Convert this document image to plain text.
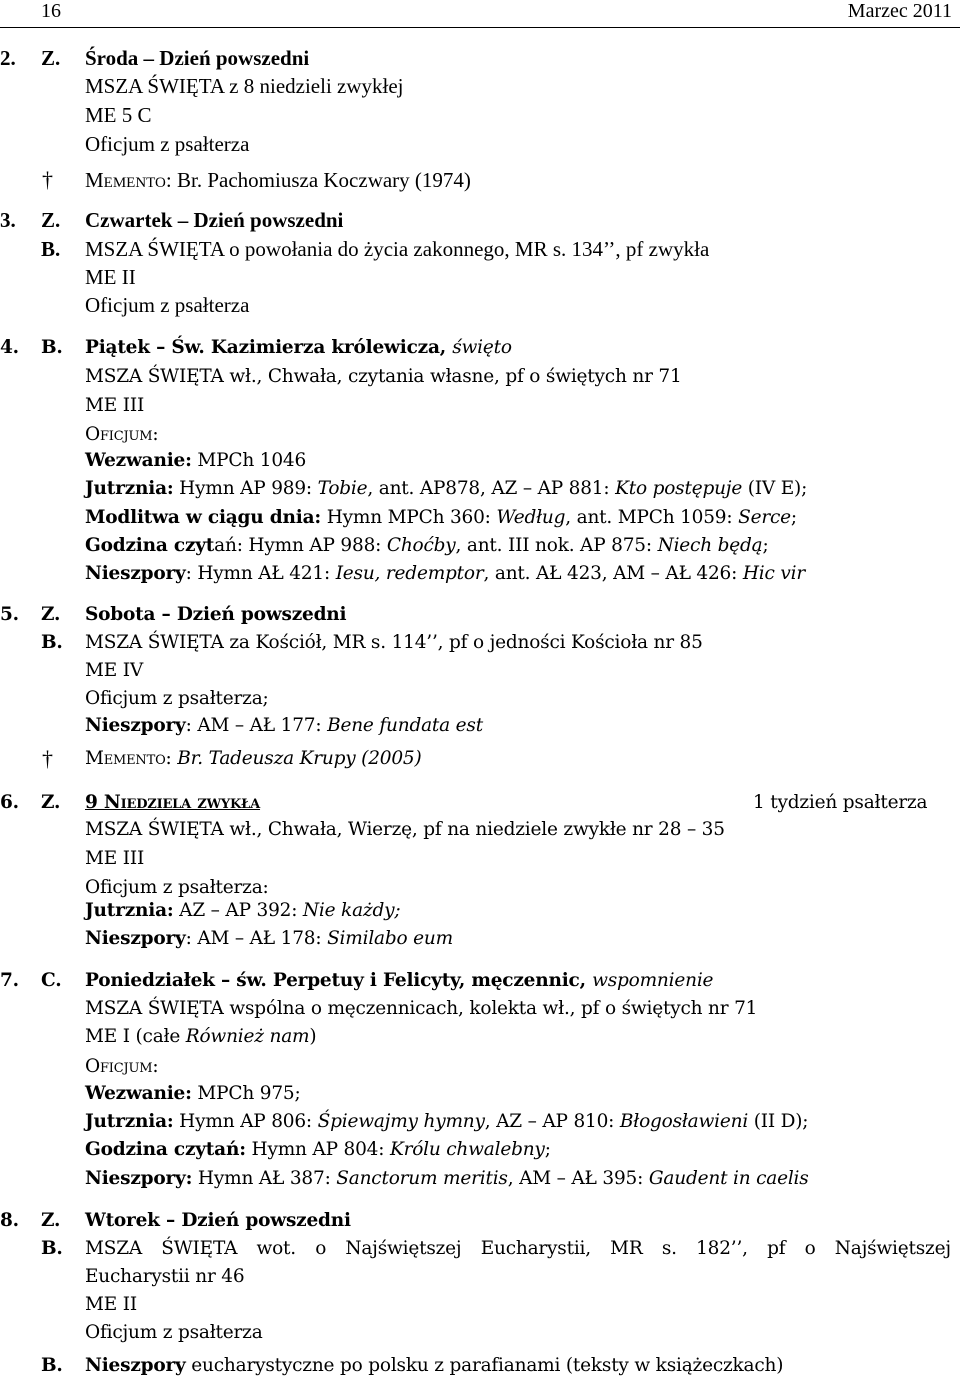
16	Marzec 2011
2.	Z. Środa – Dzień powszedni
MSZA ŚWIĘTA z 8 niedzieli zwykłej
ME 5 C
Oficjum z psałterza
† Memento: Br. Pachomiusza Koczwary (1974)
3.	Z. Czwartek – Dzień powszedni
B. MSZA ŚWIĘTA o powołania do życia zakonnego, MR s. 134’’, pf zwykła
ME II
Oficjum z psałterza
4.	B. Piątek – Św. Kazimierza królewicza, święto
MSZA ŚWIĘTA wł., Chwała, czytania własne, pf o świętych nr 71
ME III
Oficjum:
Wezwanie: MPCh 1046
Jutrznia: Hymn AP 989: Tobie, ant. AP878, AZ – AP 881: Kto postępuje (IV E);
Modlitwa w ciągu dnia: Hymn MPCh 360: Według, ant. MPCh 1059: Serce;
Godzina czytań: Hymn AP 988: Choćby, ant. III nok. AP 875: Niech będą;
Nieszpory: Hymn AŁ 421: Iesu, redemptor, ant. AŁ 423, AM – AŁ 426: Hic vir
5.	Z. Sobota – Dzień powszedni
B. MSZA ŚWIĘTA za Kościół, MR s. 114’’, pf o jedności Kościoła nr 85
ME IV
Oficjum z psałterza;
Nieszpory: AM – AŁ 177: Bene fundata est
† Memento: Br. Tadeusza Krupy (2005)
6.	Z. 9 Niedziela zwykła	1 tydzień psałterza
MSZA ŚWIĘTA wł., Chwała, Wierzę, pf na niedziele zwykłe nr 28 – 35
ME III
Oficjum z psałterza:
Jutrznia: AZ – AP 392: Nie każdy;
Nieszpory: AM – AŁ 178: Similabo eum
7.	C. Poniedziałek – św. Perpetuy i Felicyty, męczennic, wspomnienie
MSZA ŚWIĘTA wspólna o męczennicach, kolekta wł., pf o świętych nr 71
ME I (całe Również nam)
Oficjum:
Wezwanie: MPCh 975;
Jutrznia: Hymn AP 806: Śpiewajmy hymny, AZ – AP 810: Błogosławieni (II D);
Godzina czytań: Hymn AP 804: Królu chwalebny;
Nieszpory: Hymn AŁ 387: Sanctorum meritis, AM – AŁ 395: Gaudent in caelis
8.	Z. Wtorek – Dzień powszedni
B. MSZA ŚWIĘTA wot. o Najświętszej Eucharystii, MR s. 182’’, pf o Najświętszej
Eucharystii nr 46
ME II
Oficjum z psałterza
B. Nieszpory eucharystyczne po polsku z parafianami (teksty w książeczkach)
